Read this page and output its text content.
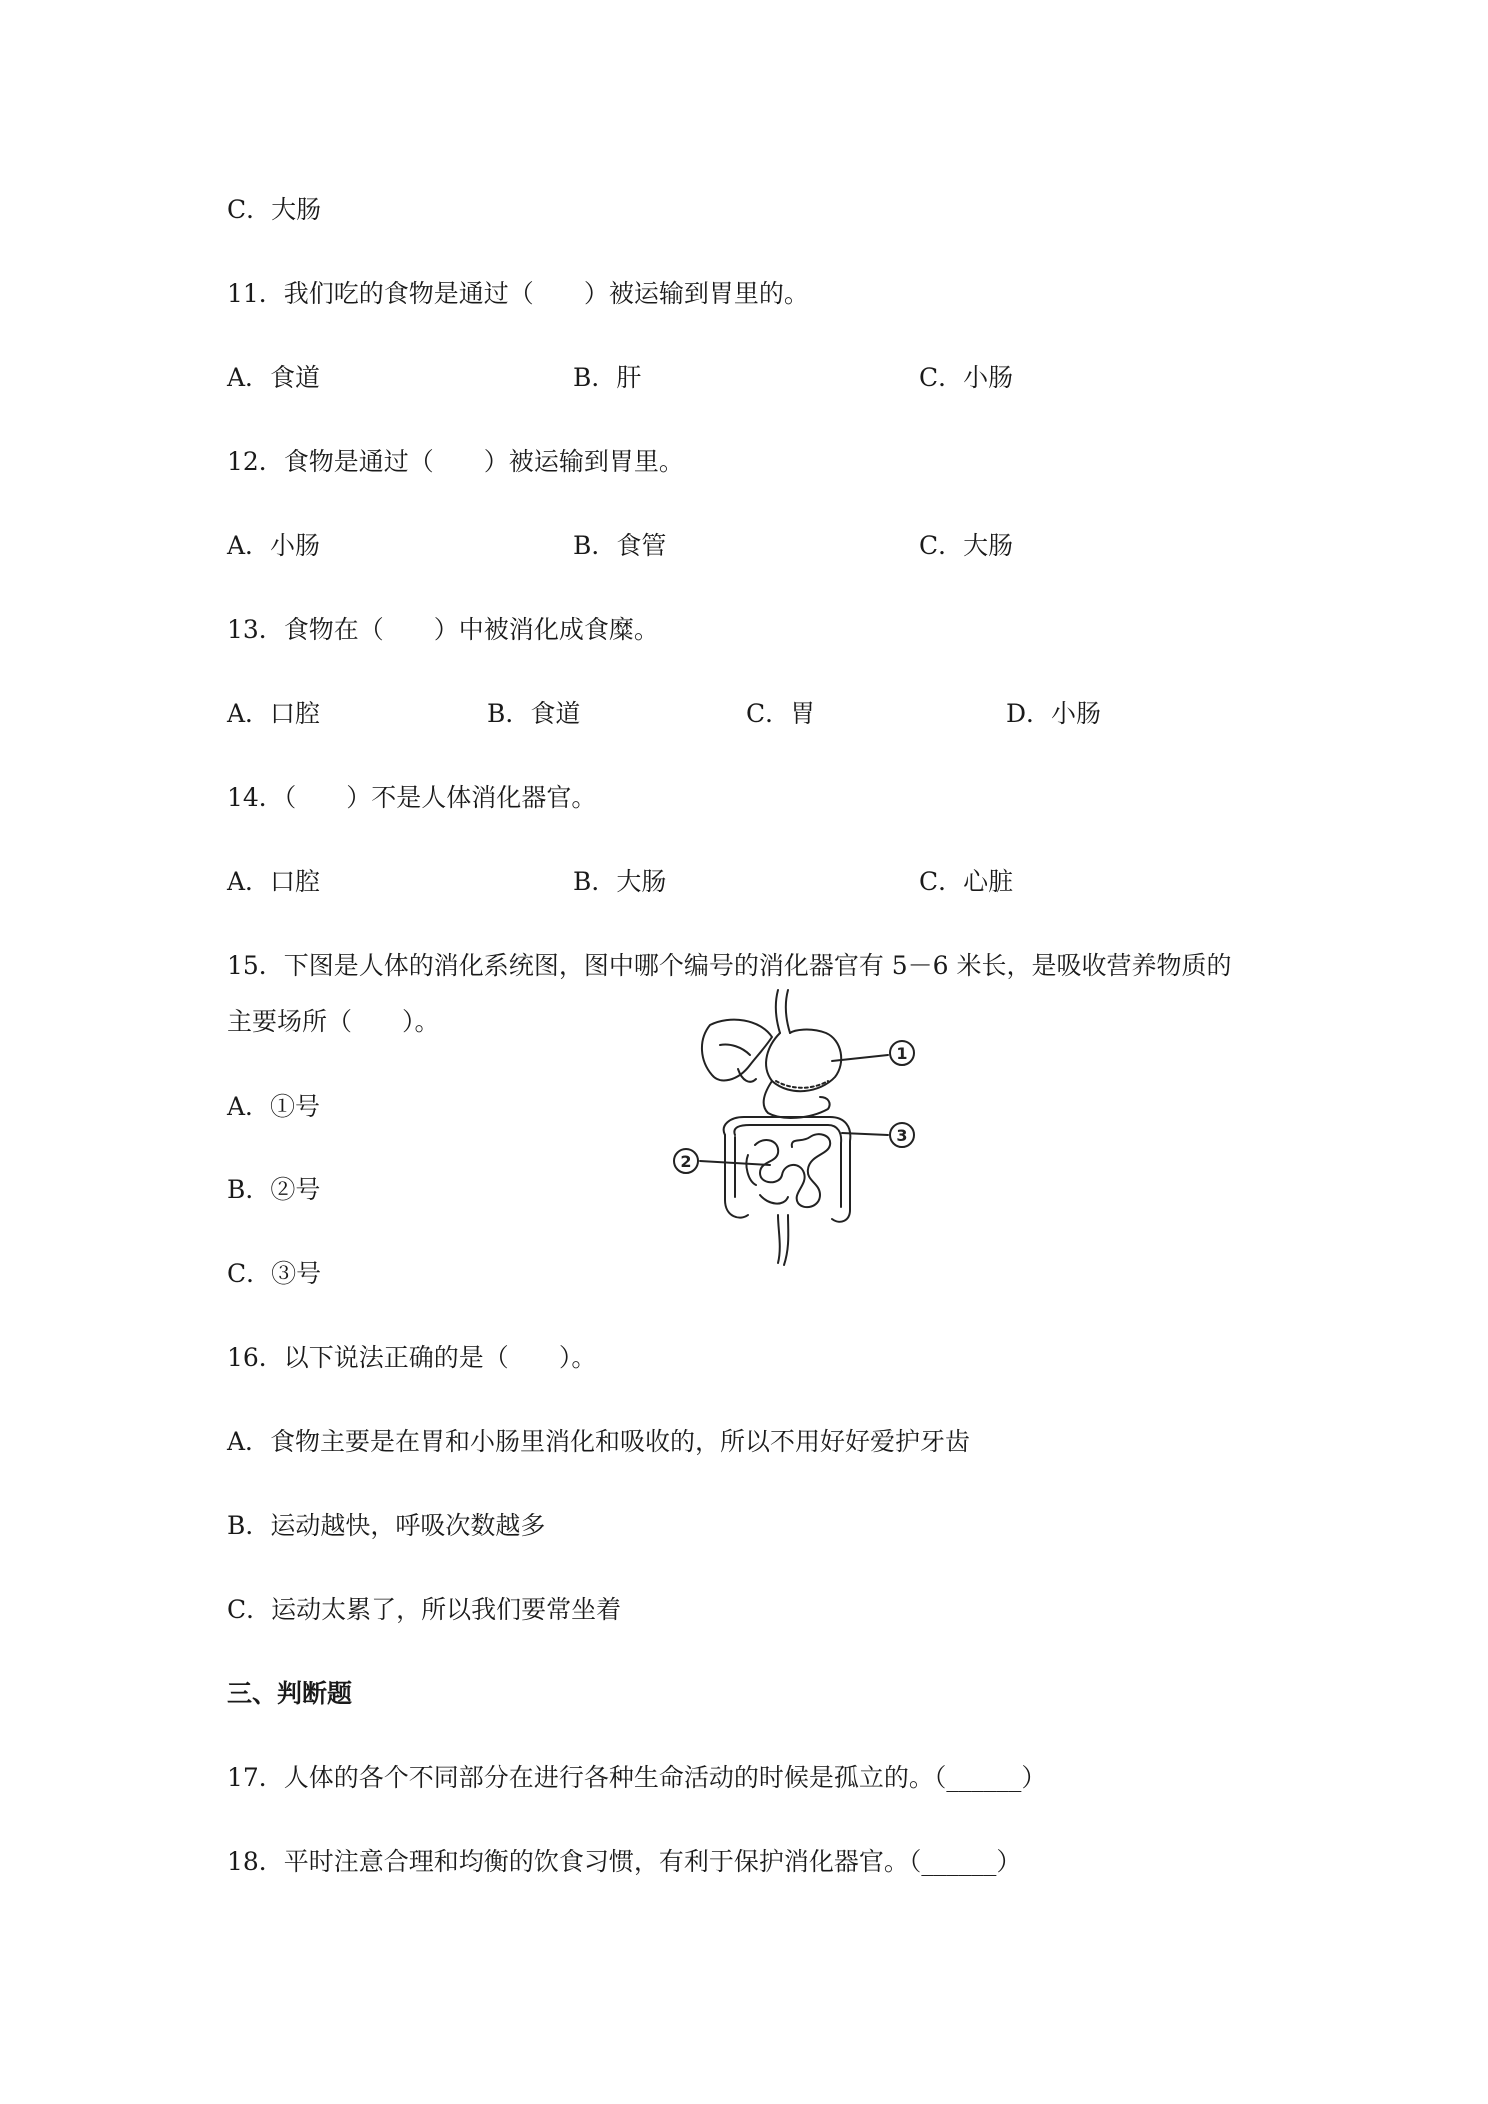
C．大肠
11．我们吃的食物是通过（　　）被运输到胃里的。
A．食道	B．肝	C．小肠
12．食物是通过（　　）被运输到胃里。
A．小肠	B．食管	C．大肠
13．食物在（　　）中被消化成食糜。
A．口腔	B．食道	C．胃	D．小肠
14．（　　）不是人体消化器官。
A．口腔	B．大肠	C．心脏
15．下图是人体的消化系统图，图中哪个编号的消化器官有 5－6 米长，是吸收营养物质的
主要场所（　　）。
A．①号
B．②号
C．③号
1
2
3
16．以下说法正确的是（　　）。
A．食物主要是在胃和小肠里消化和吸收的，所以不用好好爱护牙齿
B．运动越快，呼吸次数越多
C．运动太累了，所以我们要常坐着
三、判断题
17．人体的各个不同部分在进行各种生命活动的时候是孤立的。（______）
18．平时注意合理和均衡的饮食习惯，有利于保护消化器官。（______）
